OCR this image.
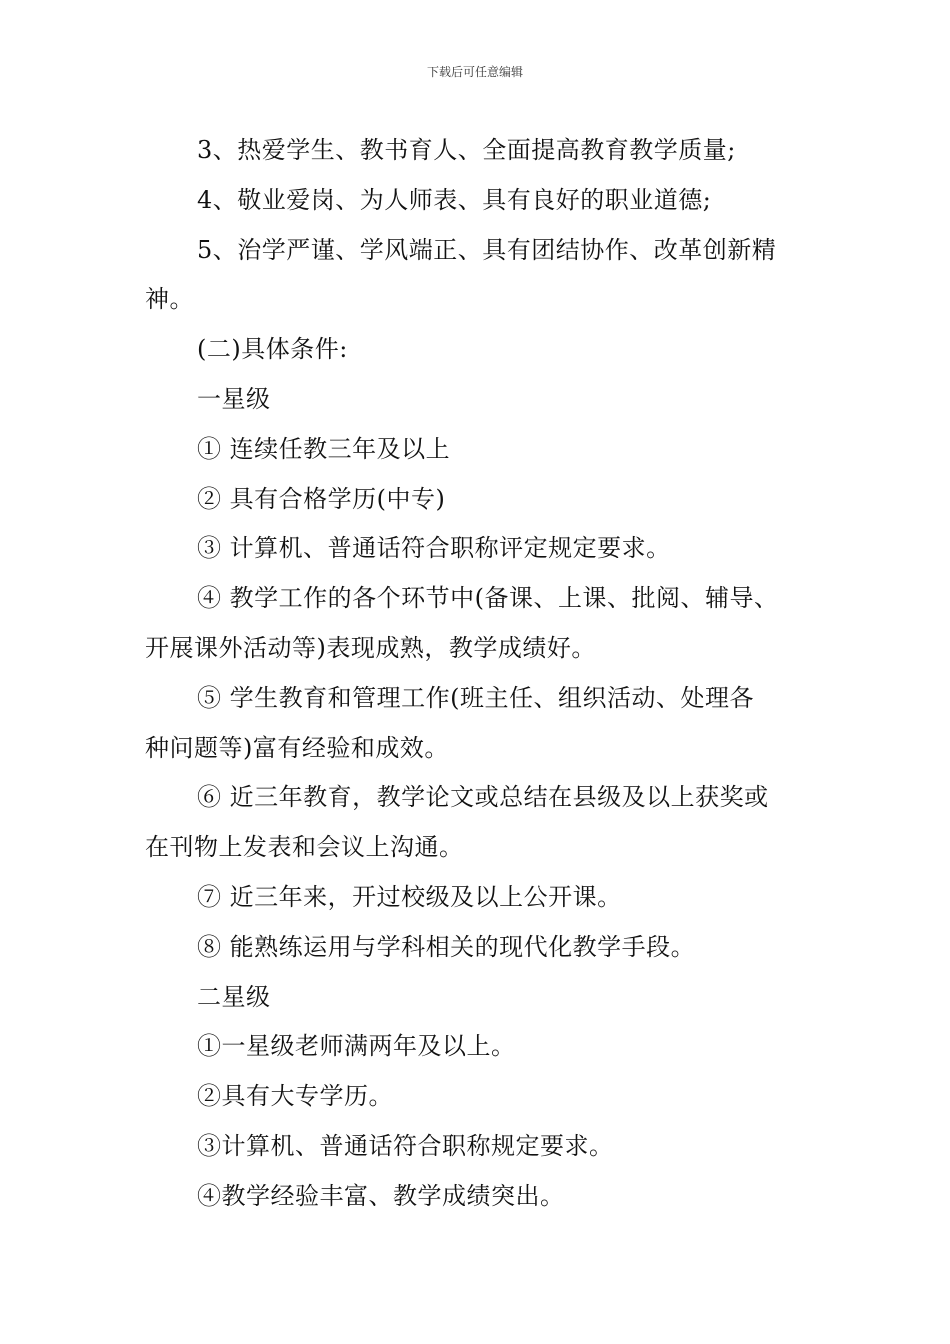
下载后可任意编辑
3、热爱学生、教书育人、全面提高教育教学质量;
4、敬业爱岗、为人师表、具有良好的职业道德;
5、治学严谨、学风端正、具有团结协作、改革创新精
神。
(二)具体条件:
一星级
① 连续任教三年及以上
② 具有合格学历(中专)
③ 计算机、普通话符合职称评定规定要求。
④ 教学工作的各个环节中(备课、上课、批阅、辅导、
开展课外活动等)表现成熟，教学成绩好。
⑤ 学生教育和管理工作(班主任、组织活动、处理各
种问题等)富有经验和成效。
⑥ 近三年教育，教学论文或总结在县级及以上获奖或
在刊物上发表和会议上沟通。
⑦ 近三年来，开过校级及以上公开课。
⑧ 能熟练运用与学科相关的现代化教学手段。
二星级
①一星级老师满两年及以上。
②具有大专学历。
③计算机、普通话符合职称规定要求。
④教学经验丰富、教学成绩突出。
